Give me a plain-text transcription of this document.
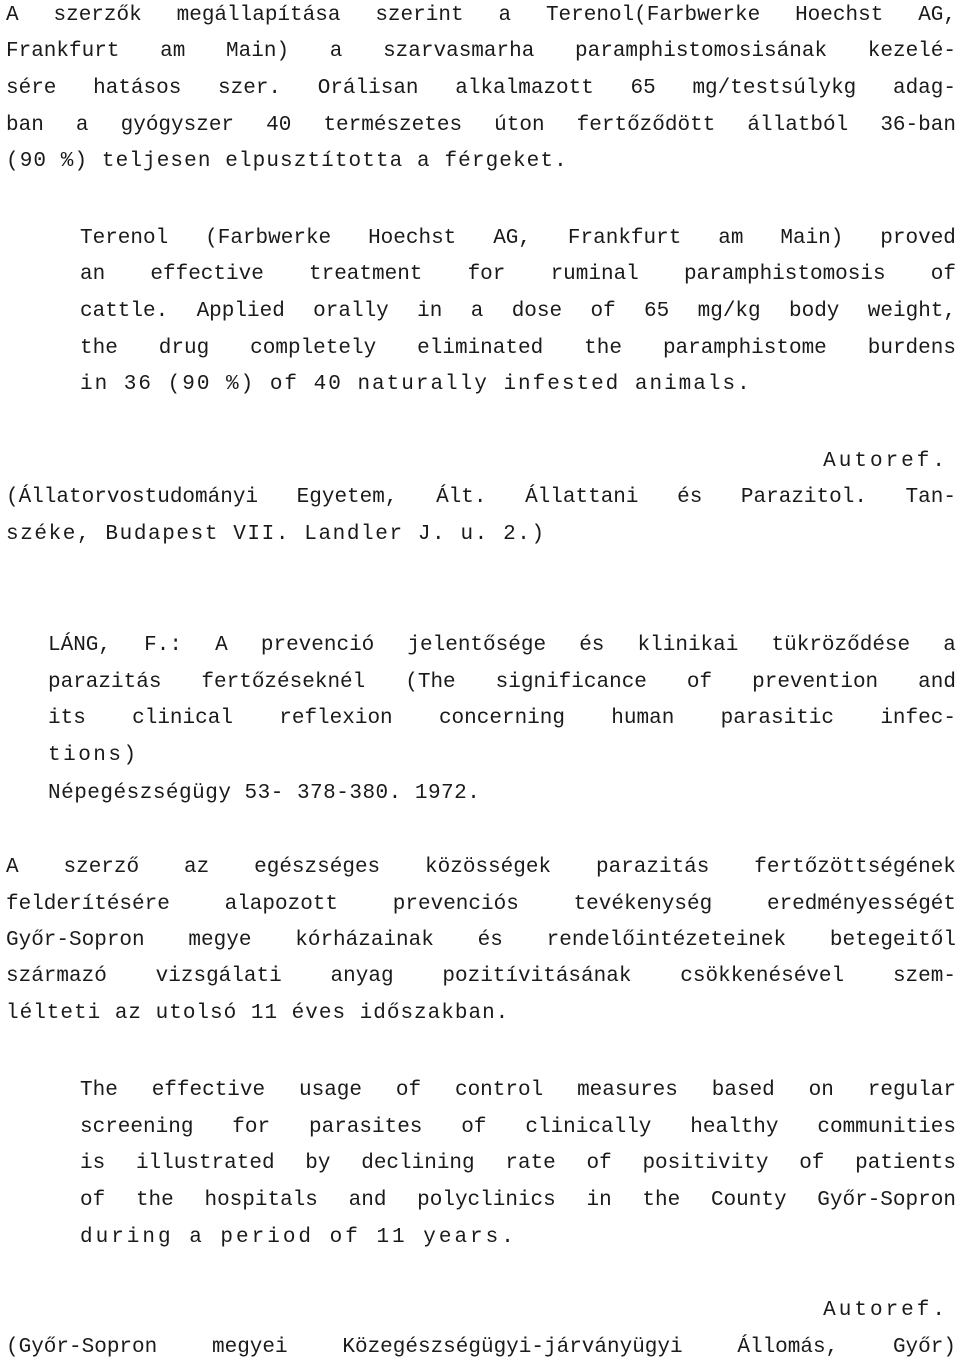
A szerzők megállapítása szerint a Terenol(Farbwerke Hoechst AG,
Frankfurt am Main) a szarvasmarha paramphistomosisának kezelé-
sére hatásos szer. Orálisan alkalmazott 65 mg/testsúlykg adag-
ban a gyógyszer 40 természetes úton fertőződött állatból 36-ban
(90 %) teljesen elpusztította a férgeket.
Terenol (Farbwerke Hoechst AG, Frankfurt am Main) proved
an effective treatment for ruminal paramphistomosis of
cattle. Applied orally in a dose of 65 mg/kg body weight,
the drug completely eliminated the paramphistome burdens
in 36 (90 %) of 40 naturally infested animals.
Autoref.
(Állatorvostudományi Egyetem, Ált. Állattani és Parazitol. Tan-
széke, Budapest VII. Landler J. u. 2.)
LÁNG, F.: A prevenció jelentősége és klinikai tükröződése a
parazitás fertőzéseknél (The significance of prevention and
its clinical reflexion concerning human parasitic infec-
tions)
Népegészségügy 53- 378-380. 1972.
A szerző az egészséges közösségek parazitás fertőzöttségének
felderítésére	alapozott	prevenciós	tevékenység	eredményességét
Győr-Sopron megye kórházainak és rendelőintézeteinek betegeitől
származó vizsgálati anyag pozitívitásának csökkenésével szem-
lélteti az utolsó 11 éves időszakban.
The effective usage of control measures based on regular
screening for parasites of clinically healthy communities
is illustrated by declining rate of positivity of patients
of the hospitals and polyclinics in the County Győr-Sopron
during a period of 11 years.
Autoref.
(Győr-Sopron	megyei	Közegészségügyi-járványügyi	Állomás,	Győr)
